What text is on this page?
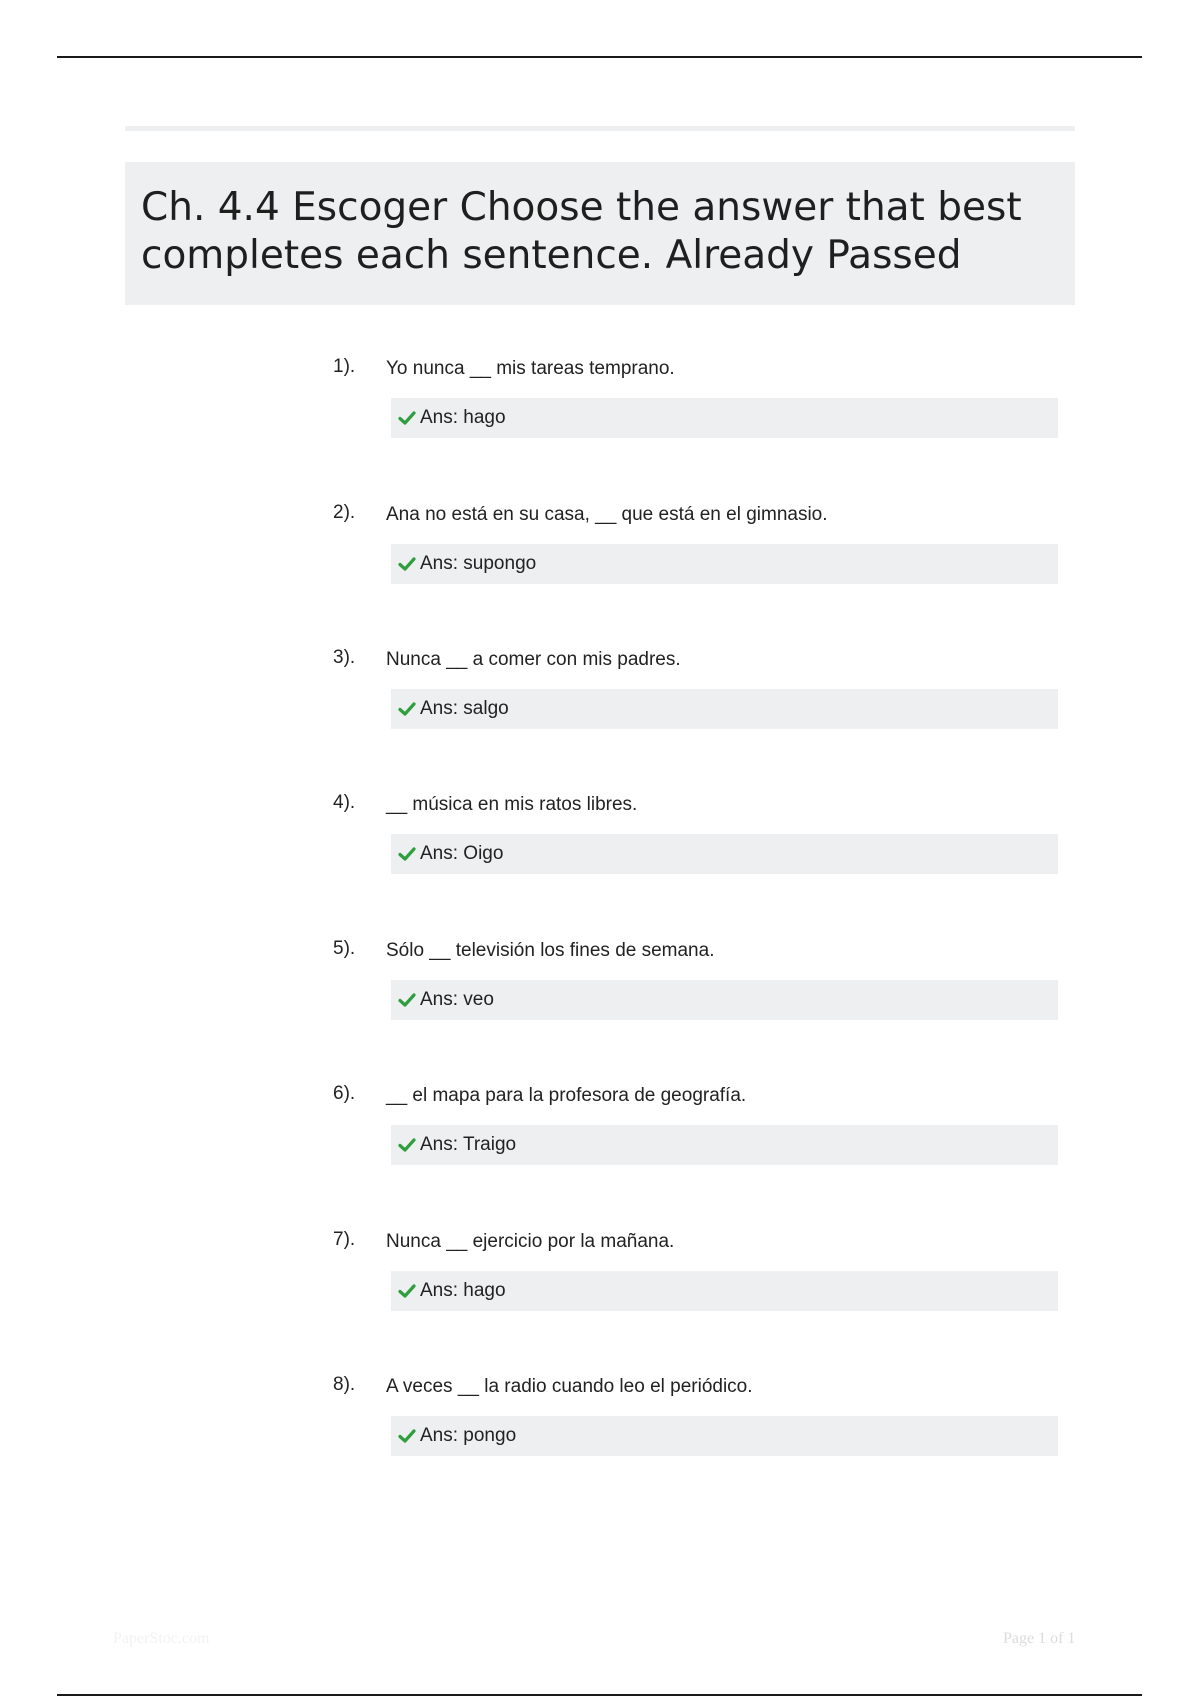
Ch. 4.4 Escoger Choose the answer that best completes each sentence. Already Passed
1). Yo nunca __ mis tareas temprano.
Ans: hago
2). Ana no está en su casa, __ que está en el gimnasio.
Ans: supongo
3). Nunca __ a comer con mis padres.
Ans: salgo
4). __ música en mis ratos libres.
Ans: Oigo
5). Sólo __ televisión los fines de semana.
Ans: veo
6). __ el mapa para la profesora de geografía.
Ans: Traigo
7). Nunca __ ejercicio por la mañana.
Ans: hago
8). A veces __ la radio cuando leo el periódico.
Ans: pongo
PaperStoc.com	Page 1 of 1
